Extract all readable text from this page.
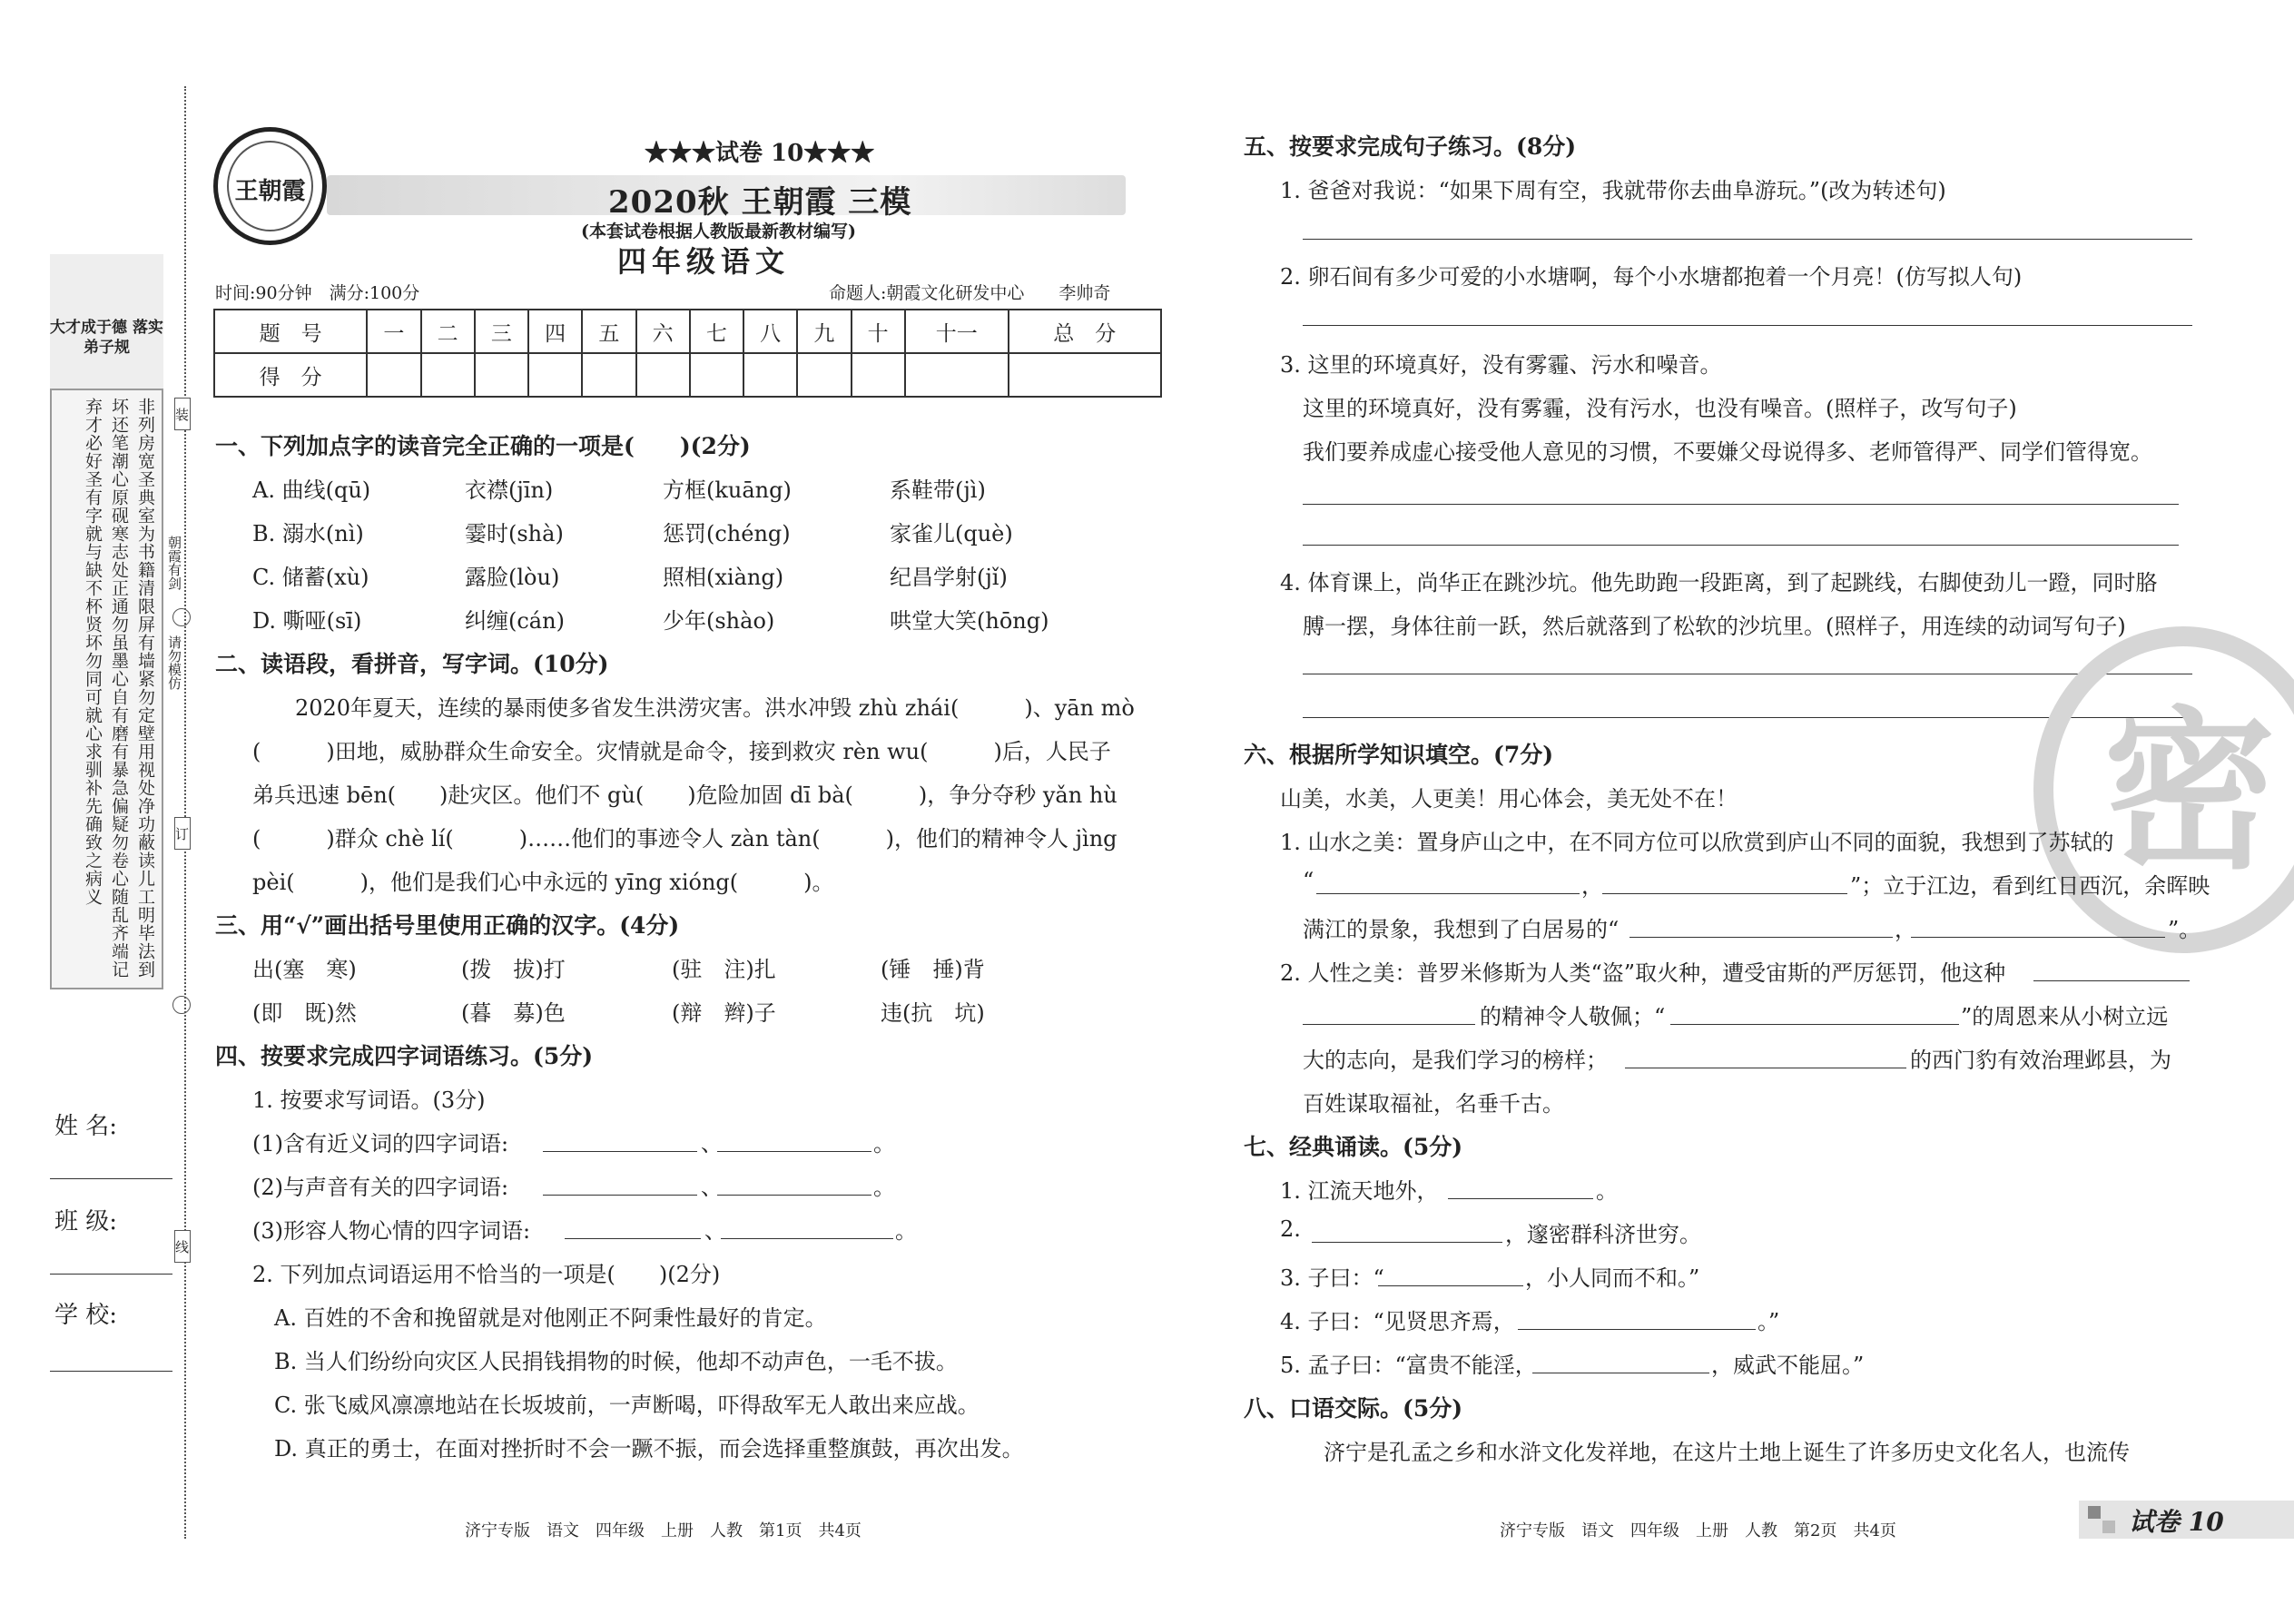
大才成于德 落实弟子规
非列房宽圣典室为书籍清限屏有墙紧勿定壁用视处净功蔽读儿工明毕法到坏还笔潮心原砚寒志处正通勿虽墨心自有磨有暴急偏疑勿卷心随乱齐端记弃才必好圣有字就与缺不杯贤坏勿同可就心求驯补先确致之病义	装
订
线
朝霞有剑
请勿模仿
姓 名:
班 级:
学 校:
王朝霞
★★★试卷 10★★★
2020秋 王朝霞 三模
(本套试卷根据人教版最新教材编写)
四年级语文
时间:90分钟　满分:100分	命题人:朝霞文化研发中心　　李帅奇
题　号	一	二	三	四	五	六	七	八	九	十	十一	总　分
得　分												
一、下列加点字的读音完全正确的一项是(　　)(2分)
A. 曲线(qū)	衣襟(jīn)	方框(kuāng)	系鞋带(jì)
B. 溺水(nì)	霎时(shà)	惩罚(chéng)	家雀儿(què)
C. 储蓄(xù)	露脸(lòu)	照相(xiàng)	纪昌学射(jǐ)
D. 嘶哑(sī)	纠缠(cán)	少年(shào)	哄堂大笑(hōng)
二、读语段，看拼音，写字词。(10分)
2020年夏天，连续的暴雨使多省发生洪涝灾害。洪水冲毁 zhù zhái(　　　)、yān mò
(　　　)田地，威胁群众生命安全。灾情就是命令，接到救灾 rèn wu(　　　)后，人民子
弟兵迅速 bēn(　　)赴灾区。他们不 gù(　　)危险加固 dī bà(　　　)，争分夺秒 yǎn hù
(　　　)群众 chè lí(　　　)……他们的事迹令人 zàn tàn(　　　)，他们的精神令人 jìng
pèi(　　　)，他们是我们心中永远的 yīng xióng(　　　)。
三、用“√”画出括号里使用正确的汉字。(4分)
出(塞　寒)	(拨　拔)打	(驻　注)扎	(锤　捶)背
(即　既)然	(暮　募)色	(辩　辫)子	违(抗　坑)
四、按要求完成四字词语练习。(5分)
1. 按要求写词语。(3分)
(1)含有近义词的四字词语:	、	。
(2)与声音有关的四字词语:	、	。
(3)形容人物心情的四字词语:	、	。
2. 下列加点词语运用不恰当的一项是(　　)(2分)
A. 百姓的不舍和挽留就是对他刚正不阿秉性最好的肯定。
B. 当人们纷纷向灾区人民捐钱捐物的时候，他却不动声色，一毛不拔。
C. 张飞威风凛凛地站在长坂坡前，一声断喝，吓得敌军无人敢出来应战。
D. 真正的勇士，在面对挫折时不会一蹶不振，而会选择重整旗鼓，再次出发。
五、按要求完成句子练习。(8分)
1. 爸爸对我说：“如果下周有空，我就带你去曲阜游玩。”(改为转述句)
2. 卵石间有多少可爱的小水塘啊，每个小水塘都抱着一个月亮！(仿写拟人句)
3. 这里的环境真好，没有雾霾、污水和噪音。
这里的环境真好，没有雾霾，没有污水，也没有噪音。(照样子，改写句子)
我们要养成虚心接受他人意见的习惯，不要嫌父母说得多、老师管得严、同学们管得宽。
4. 体育课上，尚华正在跳沙坑。他先助跑一段距离，到了起跳线，右脚使劲儿一蹬，同时胳
膊一摆，身体往前一跃，然后就落到了松软的沙坑里。(照样子，用连续的动词写句子)
密
六、根据所学知识填空。(7分)
山美，水美，人更美！用心体会，美无处不在！
1. 山水之美：置身庐山之中，在不同方位可以欣赏到庐山不同的面貌，我想到了苏轼的
“	，	”；立于江边，看到红日西沉，余晖映
满江的景象，我想到了白居易的“	，	”。
2. 人性之美：普罗米修斯为人类“盗”取火种，遭受宙斯的严厉惩罚，他这种
的精神令人敬佩；“	”的周恩来从小树立远
大的志向，是我们学习的榜样；	的西门豹有效治理邺县，为
百姓谋取福祉，名垂千古。
七、经典诵读。(5分)
1. 江流天地外，	。
2.	，邃密群科济世穷。
3. 子曰：“	，小人同而不和。”
4. 子曰：“见贤思齐焉，	。”
5. 孟子曰：“富贵不能淫，	，威武不能屈。”
八、口语交际。(5分)
济宁是孔孟之乡和水浒文化发祥地，在这片土地上诞生了许多历史文化名人，也流传
济宁专版　语文　四年级　上册　人教　第1页　共4页	济宁专版　语文　四年级　上册　人教　第2页　共4页	试卷 10
